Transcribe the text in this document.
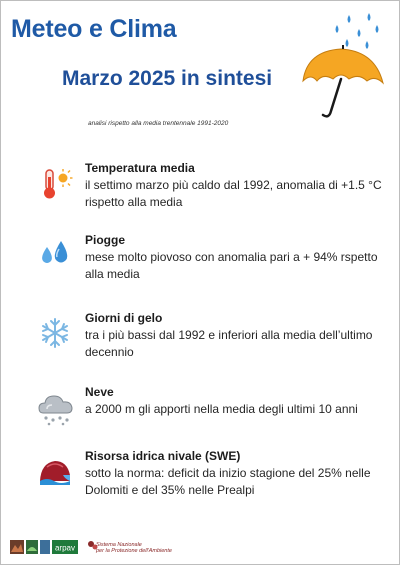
Meteo e Clima
Marzo 2025 in sintesi
analisi rispetto alla media trentennale 1991-2020
Temperatura media
il settimo marzo più caldo dal 1992, anomalia di +1.5 °C rispetto alla media
Piogge
mese molto piovoso con anomalia pari a + 94% rspetto alla media
Giorni di gelo
tra i più bassi dal 1992 e inferiori alla media dell’ultimo decennio
Neve
a 2000 m gli apporti nella media degli ultimi 10 anni
Risorsa idrica nivale (SWE)
sotto la norma: deficit da inizio stagione del 25% nelle Dolomiti e del 35% nelle Prealpi
arpav	Sistema Nazionale
per la Protezione dell'Ambiente
